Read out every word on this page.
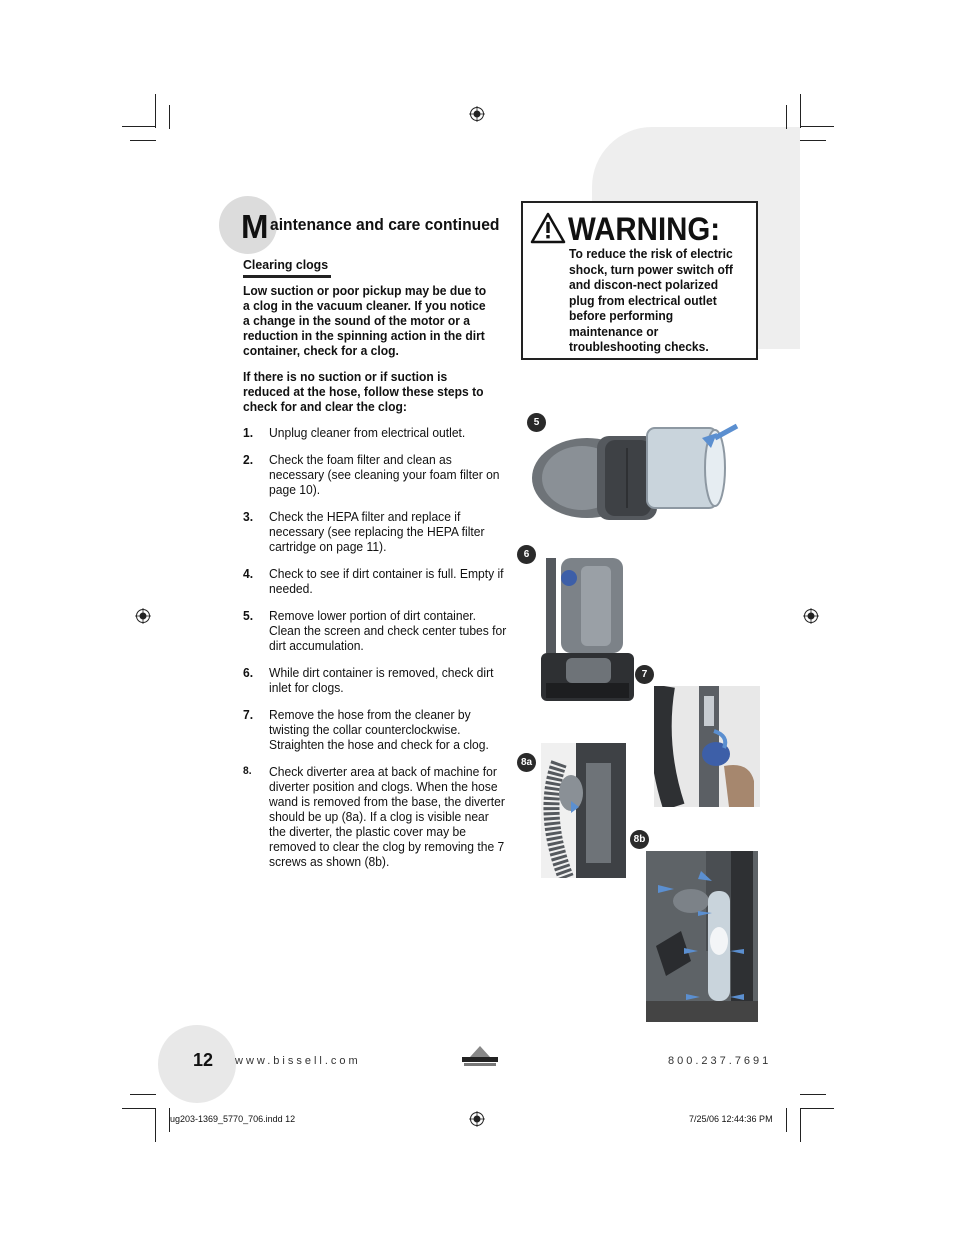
M aintenance and care continued
Clearing clogs
Low suction or poor pickup may be due to a clog in the vacuum cleaner. If you notice a change in the sound of the motor or a reduction in the spinning action in the dirt container, check for a clog.
If there is no suction or if suction is reduced at the hose, follow these steps to check for and clear the clog:
1.	Unplug cleaner from electrical outlet.
2.	Check the foam filter and clean as necessary (see cleaning your foam filter on page 10).
3.	Check the HEPA filter and replace if necessary (see replacing the HEPA filter cartridge on page 11).
4.	Check to see if dirt container is full. Empty if needed.
5.	Remove lower portion of dirt container. Clean the screen and check center tubes for dirt accumulation.
6.	While dirt container is removed, check dirt inlet for clogs.
7.	Remove the hose from the cleaner by twisting the collar counterclockwise. Straighten the hose and check for a clog.
8.	Check diverter area at back of machine for diverter position and clogs. When the hose wand is removed from the base, the diverter should be up (8a). If a clog is visible near the diverter, the plastic cover may be removed to clear the clog by removing the 7 screws as shown (8b).
WARNING:
To reduce the risk of electric shock, turn power switch off and discon-nect polarized plug from electrical outlet before performing maintenance or troubleshooting checks.
5
6
7
8a
8b
12 www.bissell.com	800.237.7691
ug203-1369_5770_706.indd 12	7/25/06 12:44:36 PM
